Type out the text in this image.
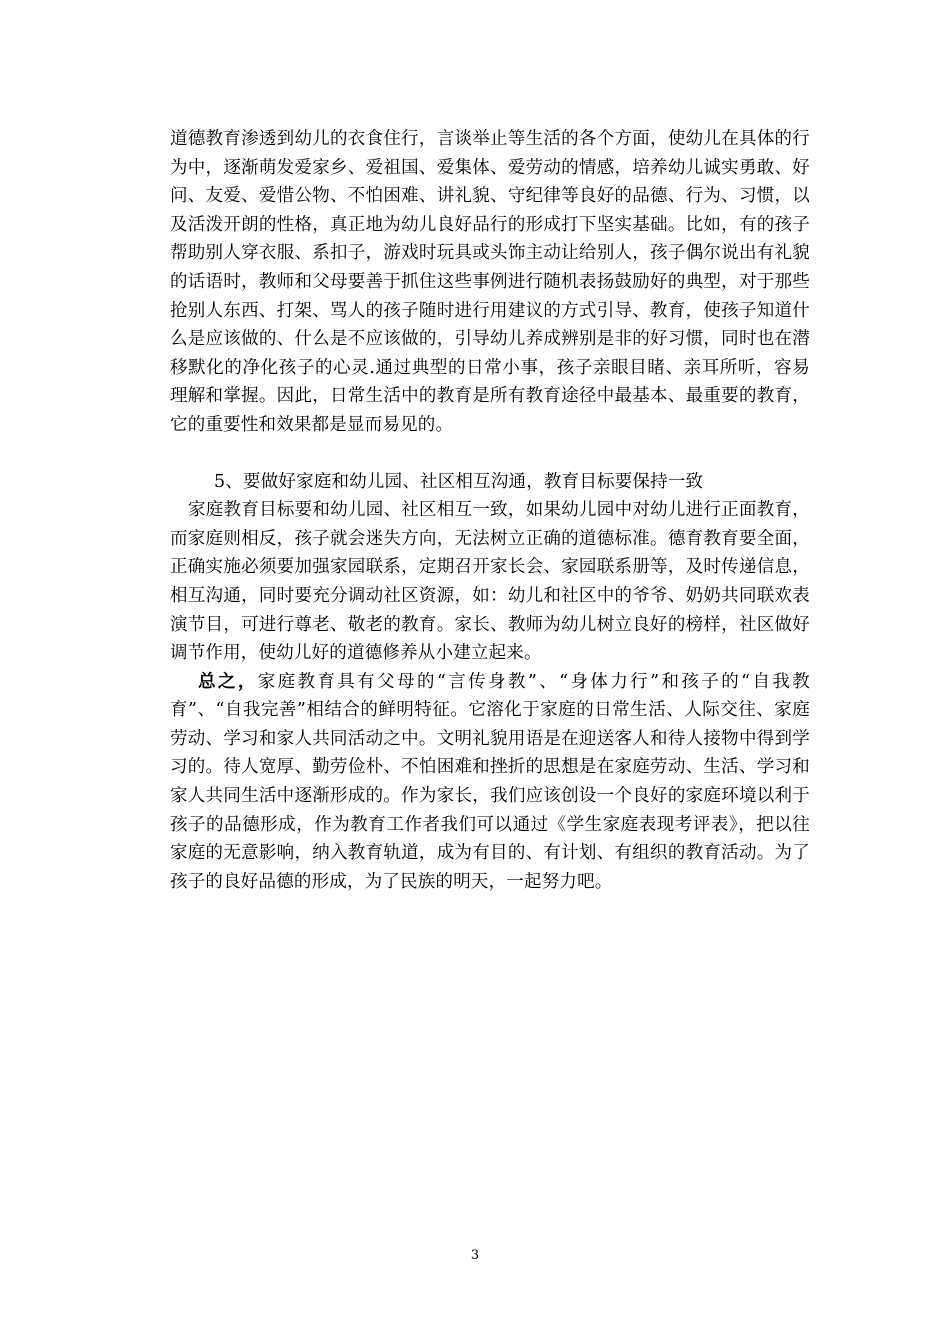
道德教育渗透到幼儿的衣食住行，言谈举止等生活的各个方面，使幼儿在具体的行为中，逐渐萌发爱家乡、爱祖国、爱集体、爱劳动的情感，培养幼儿诚实勇敢、好问、友爱、爱惜公物、不怕困难、讲礼貌、守纪律等良好的品德、行为、习惯，以及活泼开朗的性格，真正地为幼儿良好品行的形成打下坚实基础。比如，有的孩子帮助别人穿衣服、系扣子，游戏时玩具或头饰主动让给别人，孩子偶尔说出有礼貌的话语时，教师和父母要善于抓住这些事例进行随机表扬鼓励好的典型，对于那些抢别人东西、打架、骂人的孩子随时进行用建议的方式引导、教育，使孩子知道什么是应该做的、什么是不应该做的，引导幼儿养成辨别是非的好习惯，同时也在潜移默化的净化孩子的心灵.通过典型的日常小事，孩子亲眼目睹、亲耳所听，容易理解和掌握。因此，日常生活中的教育是所有教育途径中最基本、最重要的教育，它的重要性和效果都是显而易见的。

5、要做好家庭和幼儿园、社区相互沟通，教育目标要保持一致

家庭教育目标要和幼儿园、社区相互一致，如果幼儿园中对幼儿进行正面教育，而家庭则相反，孩子就会迷失方向，无法树立正确的道德标准。德育教育要全面，正确实施必须要加强家园联系，定期召开家长会、家园联系册等，及时传递信息，相互沟通，同时要充分调动社区资源，如：幼儿和社区中的爷爷、奶奶共同联欢表演节目，可进行尊老、敬老的教育。家长、教师为幼儿树立良好的榜样，社区做好调节作用，使幼儿好的道德修养从小建立起来。

总之，家庭教育具有父母的“言传身教”、“身体力行”和孩子的“自我教育”、“自我完善”相结合的鲜明特征。它溶化于家庭的日常生活、人际交往、家庭劳动、学习和家人共同活动之中。文明礼貌用语是在迎送客人和待人接物中得到学习的。待人宽厚、勤劳俭朴、不怕困难和挫折的思想是在家庭劳动、生活、学习和家人共同生活中逐渐形成的。作为家长，我们应该创设一个良好的家庭环境以利于孩子的品德形成，作为教育工作者我们可以通过《学生家庭表现考评表》，把以往家庭的无意影响，纳入教育轨道，成为有目的、有计划、有组织的教育活动。为了孩子的良好品德的形成，为了民族的明天，一起努力吧。

3
